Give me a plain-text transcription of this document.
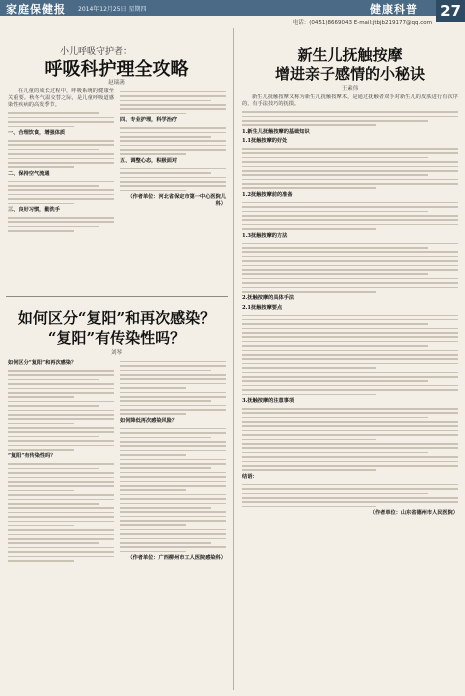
家庭保健报 2014年12月25日 星期四	健康科普 27
电话：(0451)8669043 E-mail:jtbjb219177@qq.com
小儿呼吸守护者：
呼吸科护理全攻略
赵瑞菡

在儿童的成长过程中，呼吸系统的健康至关重要。秋冬气温交替之际，是儿童呼吸道感染性疾病的高发季节。

一、合理饮食，增强体质
二、保持空气流通
三、良好习惯，勤洗手
四、专业护理，科学治疗
五、调整心态，积极面对
（作者单位：河北省保定市第一中心医院儿科）
如何区分“复阳”和再次感染？
“复阳”有传染性吗？
刘琴
如何区分“复阳”和再次感染？
“复阳”有传染性吗？
如何降低再次感染风险？
（作者单位：广西柳州市工人医院感染科）
新生儿抚触按摩
增进亲子感情的小秘诀
王素伟

新生儿抚触按摩又称为新生儿抚触按摩术，是通过抚触者双手对新生儿的皮肤进行有次序的、有手法技巧的抚摸。

1.新生儿抚触按摩的基础知识
1.1抚触按摩的好处
1.2抚触按摩前的准备
1.3抚触按摩的方法
2.抚触按摩的具体手法
2.1抚触按摩要点
3.抚触按摩的注意事项
结语：
（作者单位：山东省德州市人民医院）
